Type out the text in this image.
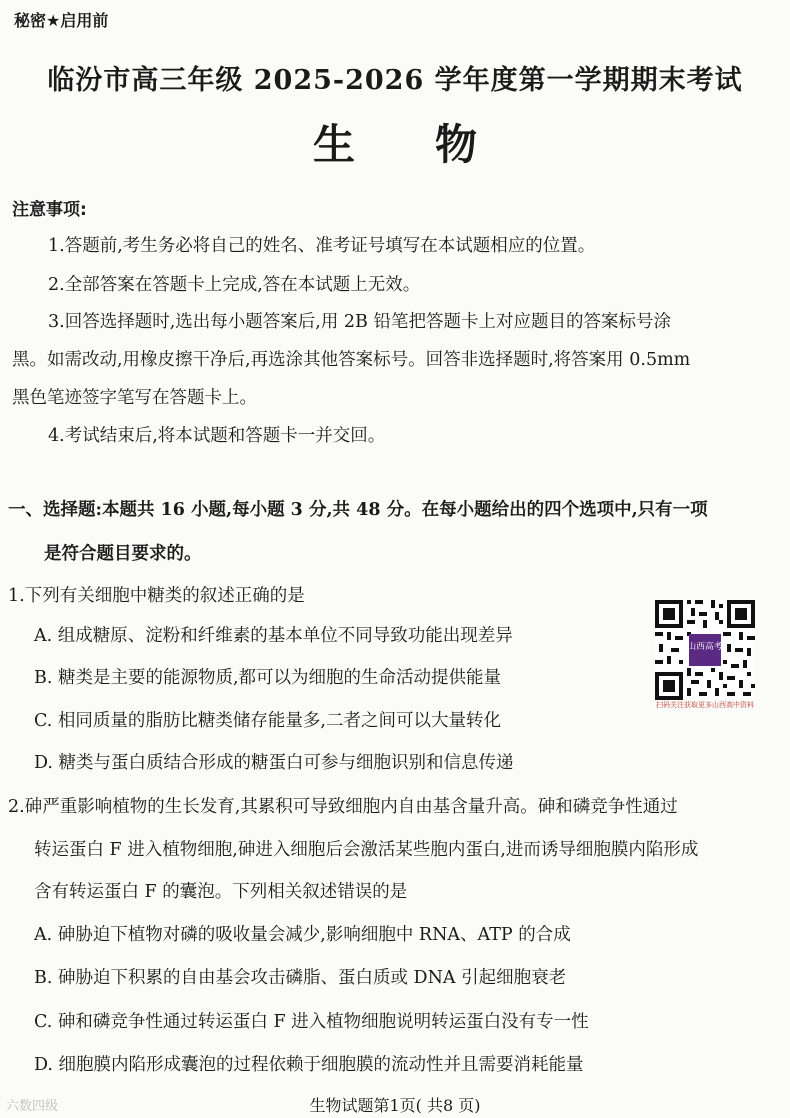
秘密★启用前
临汾市高三年级 2025-2026 学年度第一学期期末考试
生 物
注意事项:
1.答题前,考生务必将自己的姓名、准考证号填写在本试题相应的位置。
2.全部答案在答题卡上完成,答在本试题上无效。
3.回答选择题时,选出每小题答案后,用 2B 铅笔把答题卡上对应题目的答案标号涂
黑。如需改动,用橡皮擦干净后,再选涂其他答案标号。回答非选择题时,将答案用 0.5mm
黑色笔迹签字笔写在答题卡上。
4.考试结束后,将本试题和答题卡一并交回。
一、选择题:本题共 16 小题,每小题 3 分,共 48 分。在每小题给出的四个选项中,只有一项
是符合题目要求的。
1.下列有关细胞中糖类的叙述正确的是
A. 组成糖原、淀粉和纤维素的基本单位不同导致功能出现差异
B. 糖类是主要的能源物质,都可以为细胞的生命活动提供能量
C. 相同质量的脂肪比糖类储存能量多,二者之间可以大量转化
D. 糖类与蛋白质结合形成的糖蛋白可参与细胞识别和信息传递
2.砷严重影响植物的生长发育,其累积可导致细胞内自由基含量升高。砷和磷竞争性通过
转运蛋白 F 进入植物细胞,砷进入细胞后会激活某些胞内蛋白,进而诱导细胞膜内陷形成
含有转运蛋白 F 的囊泡。下列相关叙述错误的是
A. 砷胁迫下植物对磷的吸收量会减少,影响细胞中 RNA、ATP 的合成
B. 砷胁迫下积累的自由基会攻击磷脂、蛋白质或 DNA 引起细胞衰老
C. 砷和磷竞争性通过转运蛋白 F 进入植物细胞说明转运蛋白没有专一性
D. 细胞膜内陷形成囊泡的过程依赖于细胞膜的流动性并且需要消耗能量
山西高考
扫码关注获取更多山西高中资料
生物试题第1页( 共8 页)
六数四级
